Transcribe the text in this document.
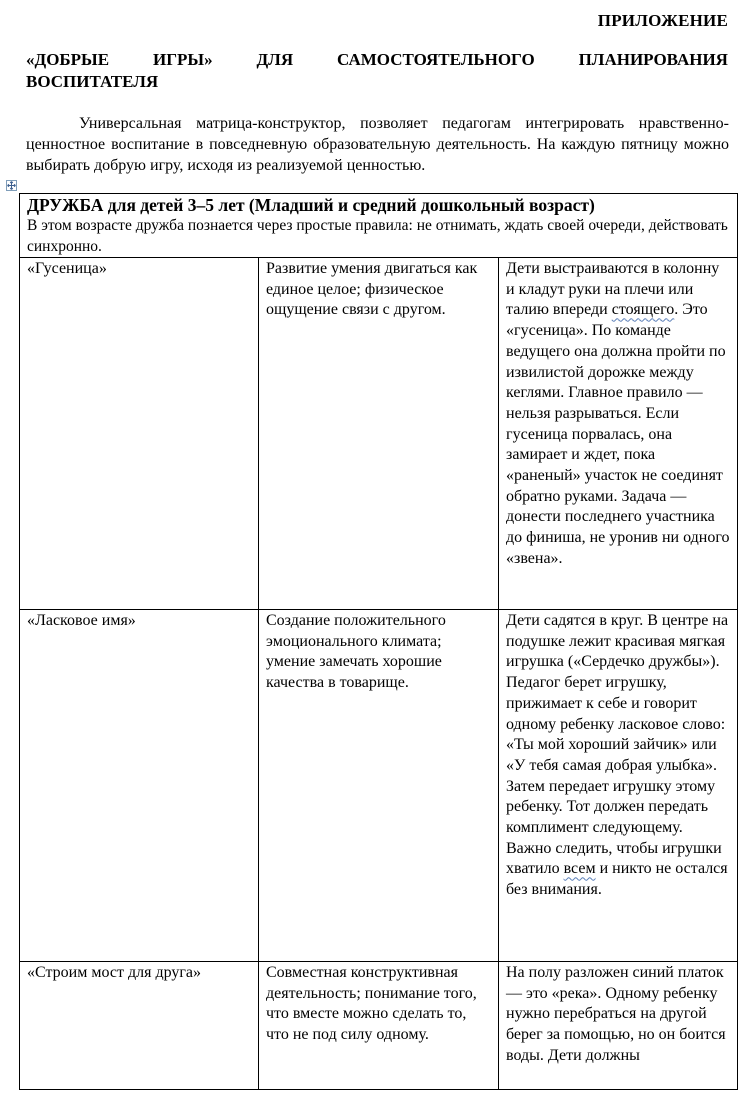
ПРИЛОЖЕНИЕ
«ДОБРЫЕ	ИГРЫ»	ДЛЯ	САМОСТОЯТЕЛЬНОГО	ПЛАНИРОВАНИЯ
ВОСПИТАТЕЛЯ
Универсальная матрица-конструктор, позволяет педагогам интегрировать нравственно-ценностное воспитание в повседневную образовательную деятельность. На каждую пятницу можно выбирать добрую игру, исходя из реализуемой ценностью.
ДРУЖБА для детей 3–5 лет (Младший и средний дошкольный возраст)
В этом возрасте дружба познается через простые правила: не отнимать, ждать своей очереди, действовать синхронно.		

«Гусеница»	Развитие умения двигаться как единое целое; физическое ощущение связи с другом.	Дети выстраиваются в колонну и кладут руки на плечи или талию впереди стоящего. Это «гусеница». По команде ведущего она должна пройти по извилистой дорожке между кеглями. Главное правило — нельзя разрываться. Если гусеница порвалась, она замирает и ждет, пока «раненый» участок не соединят обратно руками. Задача — донести последнего участника до финиша, не уронив ни одного «звена».
«Ласковое имя»	Создание положительного эмоционального климата; умение замечать хорошие качества в товарище.	Дети садятся в круг. В центре на подушке лежит красивая мягкая игрушка («Сердечко дружбы»). Педагог берет игрушку, прижимает к себе и говорит одному ребенку ласковое слово: «Ты мой хороший зайчик» или «У тебя самая добрая улыбка». Затем передает игрушку этому ребенку. Тот должен передать комплимент следующему. Важно следить, чтобы игрушки хватило всем и никто не остался без внимания.
«Строим мост для друга»	Совместная конструктивная деятельность; понимание того, что вместе можно сделать то, что не под силу одному.	На полу разложен синий платок — это «река». Одному ребенку нужно перебраться на другой берег за помощью, но он боится воды. Дети должны
